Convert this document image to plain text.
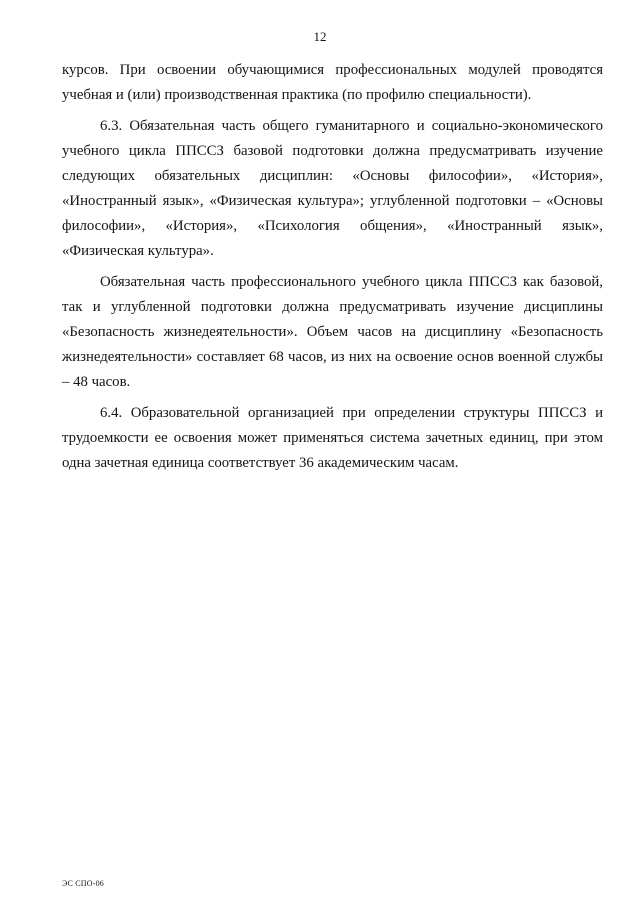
12

курсов. При освоении обучающимися профессиональных модулей проводятся
учебная и (или) производственная практика (по профилю специальности).

6.3. Обязательная часть общего гуманитарного и социально-экономического
учебного цикла ППССЗ базовой подготовки должна предусматривать изучение
следующих обязательных дисциплин: «Основы философии», «История»,
«Иностранный язык», «Физическая культура»; углубленной подготовки – «Основы
философии», «История», «Психология общения», «Иностранный язык»,
«Физическая культура».

Обязательная часть профессионального учебного цикла ППССЗ как базовой,
так и углубленной подготовки должна предусматривать изучение дисциплины
«Безопасность жизнедеятельности». Объем часов на дисциплину «Безопасность
жизнедеятельности» составляет 68 часов, из них на освоение основ военной службы
– 48 часов.

6.4. Образовательной организацией при определении структуры ППССЗ и
трудоемкости ее освоения может применяться система зачетных единиц, при этом
одна зачетная единица соответствует 36 академическим часам.

ЭС СПО-06
